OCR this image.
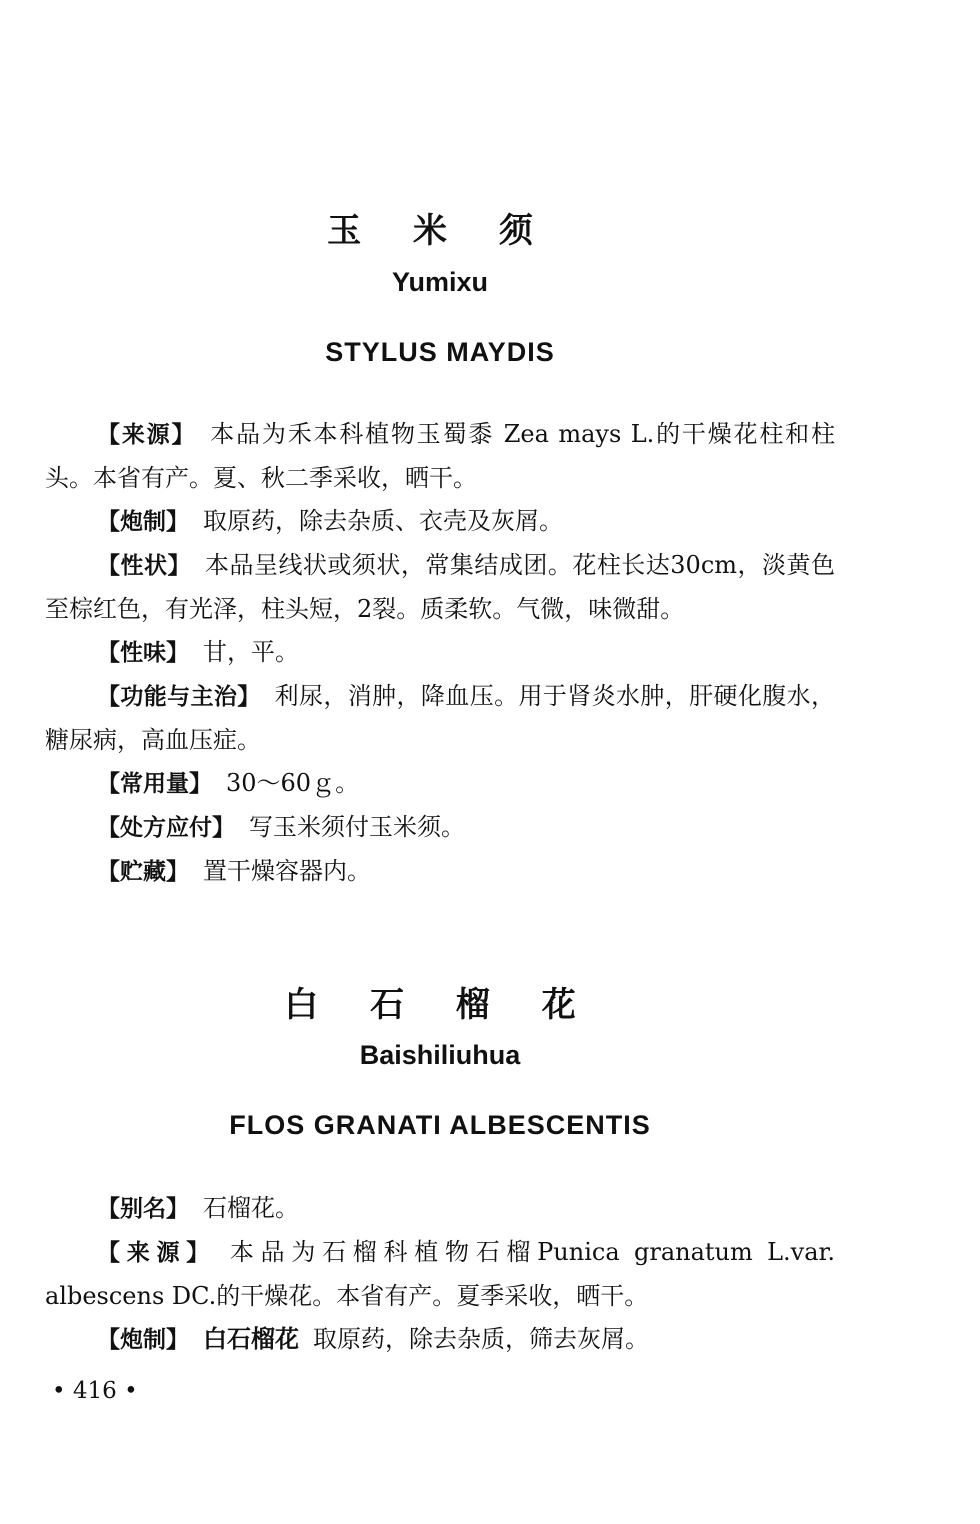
玉 米 须
Yumixu
STYLUS MAYDIS

【来源】 本品为禾本科植物玉蜀黍 Zea mays L.的干燥花柱和柱头。本省有产。夏、秋二季采收，晒干。

【炮制】 取原药，除去杂质、衣壳及灰屑。

【性状】 本品呈线状或须状，常集结成团。花柱长达30cm，淡黄色至棕红色，有光泽，柱头短，2裂。质柔软。气微，味微甜。

【性味】 甘，平。

【功能与主治】 利尿，消肿，降血压。用于肾炎水肿，肝硬化腹水，糖尿病，高血压症。

【常用量】 30～60ｇ。

【处方应付】 写玉米须付玉米须。

【贮藏】 置干燥容器内。

白 石 榴 花
Baishiliuhua
FLOS GRANATI ALBESCENTIS

【别名】 石榴花。

【来源】 本品为石榴科植物石榴Punica granatum L.var. albescens DC.的干燥花。本省有产。夏季采收，晒干。

【炮制】 白石榴花 取原药，除去杂质，筛去灰屑。

• 416 •
